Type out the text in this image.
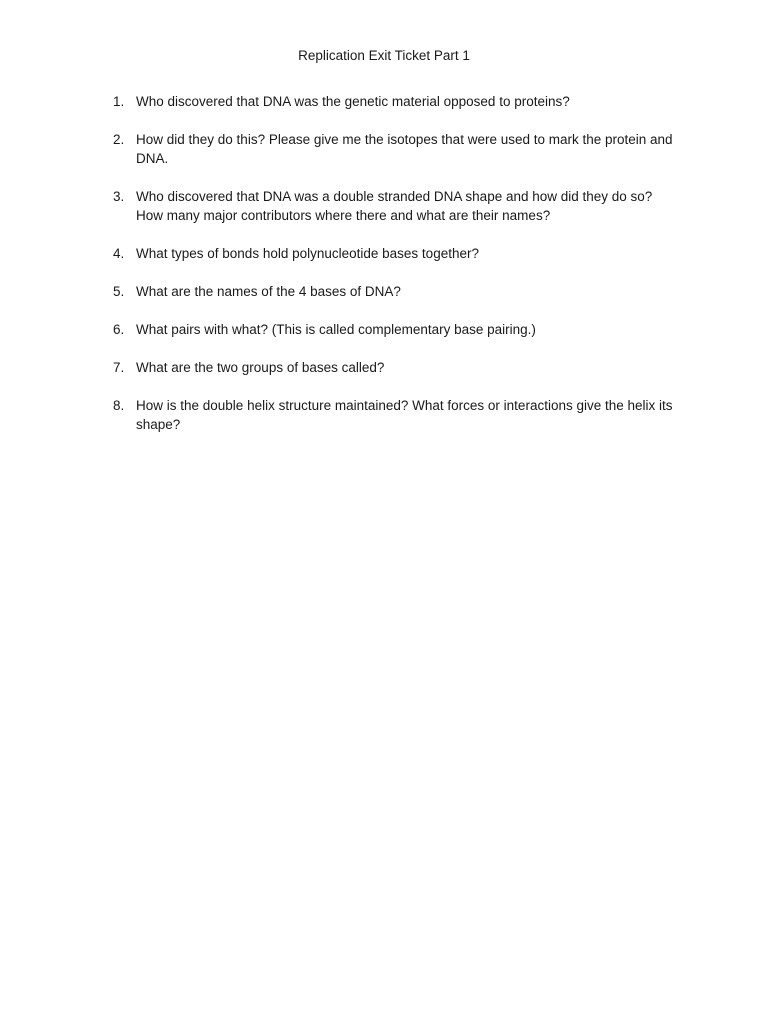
Replication Exit Ticket Part 1
1. Who discovered that DNA was the genetic material opposed to proteins?
2. How did they do this? Please give me the isotopes that were used to mark the protein and DNA.
3. Who discovered that DNA was a double stranded DNA shape and how did they do so? How many major contributors where there and what are their names?
4. What types of bonds hold polynucleotide bases together?
5. What are the names of the 4 bases of DNA?
6. What pairs with what? (This is called complementary base pairing.)
7. What are the two groups of bases called?
8. How is the double helix structure maintained? What forces or interactions give the helix its shape?
